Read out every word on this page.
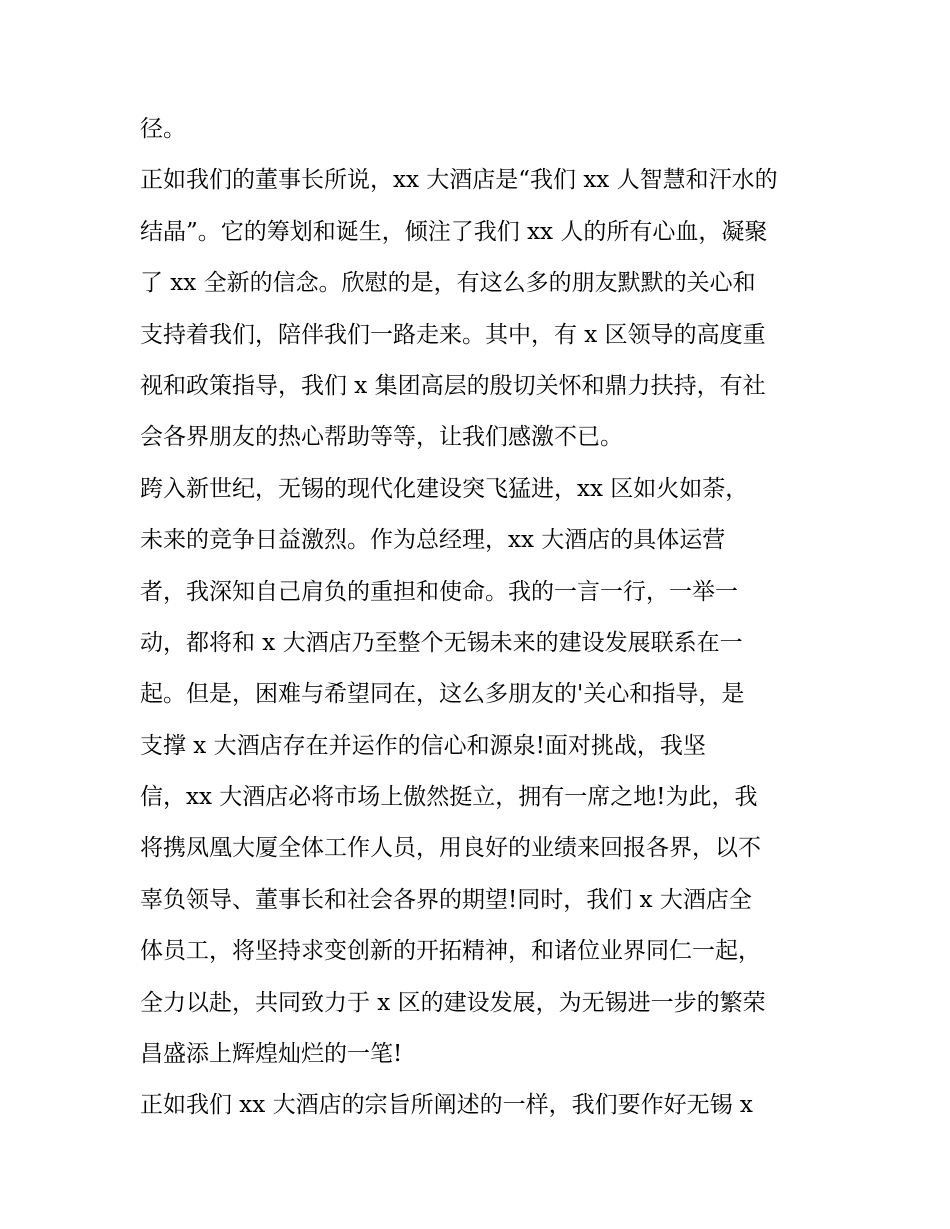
径。
正如我们的董事长所说，xx 大酒店是“我们 xx 人智慧和汗水的
结晶”。它的筹划和诞生，倾注了我们 xx 人的所有心血，凝聚
了 xx 全新的信念。欣慰的是，有这么多的朋友默默的关心和
支持着我们，陪伴我们一路走来。其中，有 x 区领导的高度重
视和政策指导，我们 x 集团高层的殷切关怀和鼎力扶持，有社
会各界朋友的热心帮助等等，让我们感激不已。
跨入新世纪，无锡的现代化建设突飞猛进，xx 区如火如荼，
未来的竞争日益激烈。作为总经理，xx 大酒店的具体运营
者，我深知自己肩负的重担和使命。我的一言一行，一举一
动，都将和 x 大酒店乃至整个无锡未来的建设发展联系在一
起。但是，困难与希望同在，这么多朋友的'关心和指导，是
支撑 x 大酒店存在并运作的信心和源泉!面对挑战，我坚
信，xx 大酒店必将市场上傲然挺立，拥有一席之地!为此，我
将携凤凰大厦全体工作人员，用良好的业绩来回报各界，以不
辜负领导、董事长和社会各界的期望!同时，我们 x 大酒店全
体员工，将坚持求变创新的开拓精神，和诸位业界同仁一起，
全力以赴，共同致力于 x 区的建设发展，为无锡进一步的繁荣
昌盛添上辉煌灿烂的一笔!
正如我们 xx 大酒店的宗旨所阐述的一样，我们要作好无锡 x
